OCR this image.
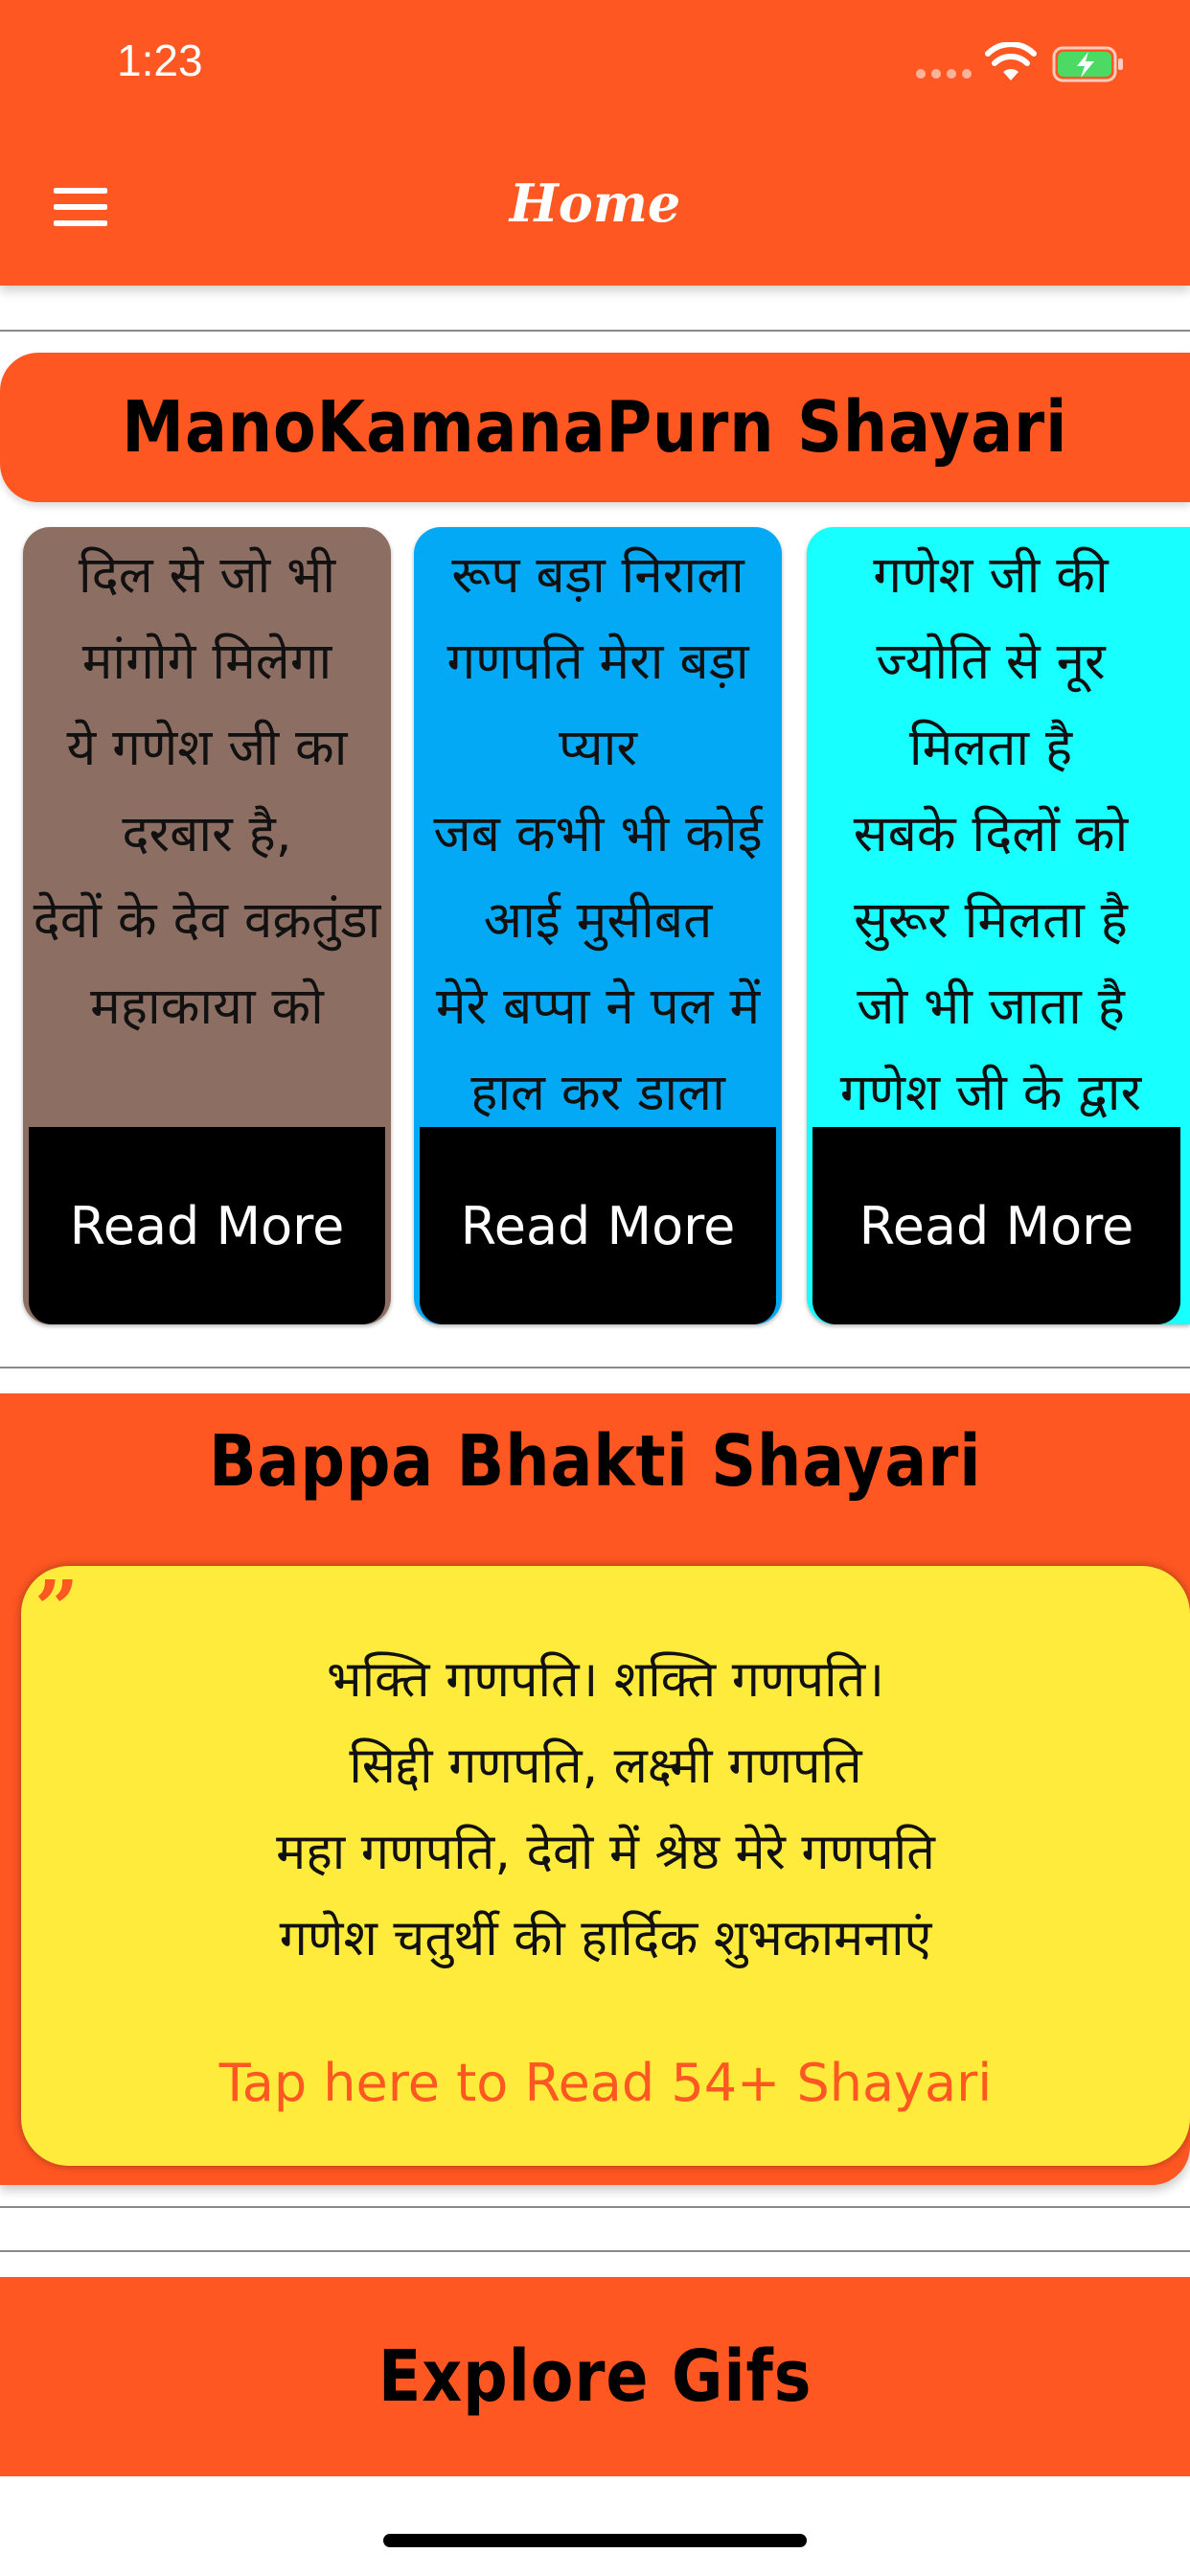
1:23
Home
ManoKamanaPurn Shayari
दिल से जो भी मांगोगे मिलेगा
ये गणेश जी का दरबार है,
देवों के देव वक्रतुंडा महाकाया को
Read More
रूप बड़ा निराला
गणपति मेरा बड़ा प्यार
जब कभी भी कोई आई मुसीबत
मेरे बप्पा ने पल में हाल कर डाला
Read More
गणेश जी की ज्योति से नूर मिलता है
सबके दिलों को सुरूर मिलता है
जो भी जाता है गणेश जी के द्वार
Read More
Bappa Bhakti Shayari
”
भक्ति गणपति। शक्ति गणपति।
सिद्दी गणपति, लक्ष्मी गणपति
महा गणपति, देवो में श्रेष्ठ मेरे गणपति
गणेश चतुर्थी की हार्दिक शुभकामनाएं
Tap here to Read 54+ Shayari
Explore Gifs
